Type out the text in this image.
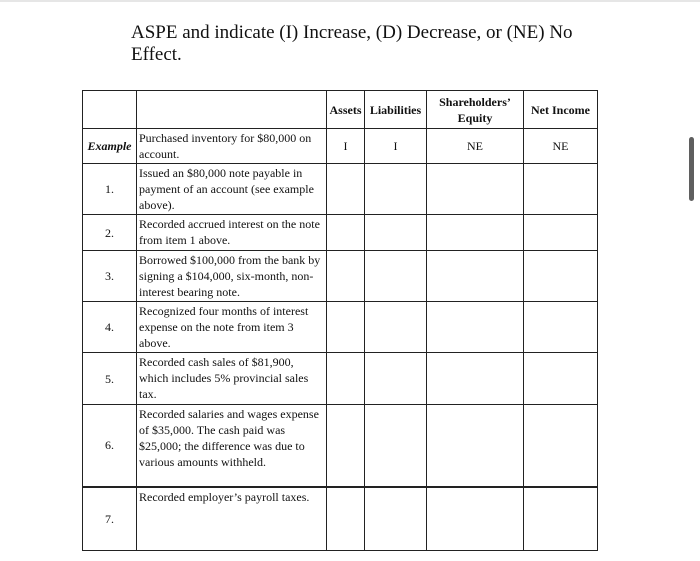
ASPE and indicate (I) Increase, (D) Decrease, or (NE) No Effect.

		Assets	Liabilities	Shareholders’ Equity	Net Income
Example	Purchased inventory for $80,000 on account.	I	I	NE	NE
1.	Issued an $80,000 note payable in payment of an account (see example above).				
2.	Recorded accrued interest on the note from item 1 above.				
3.	Borrowed $100,000 from the bank by signing a $104,000, six-month, non-interest bearing note.				
4.	Recognized four months of interest expense on the note from item 3 above.				
5.	Recorded cash sales of $81,900, which includes 5% provincial sales tax.				
6.	Recorded salaries and wages expense of $35,000. The cash paid was $25,000; the difference was due to various amounts withheld.				
7.	Recorded employer’s payroll taxes.				
